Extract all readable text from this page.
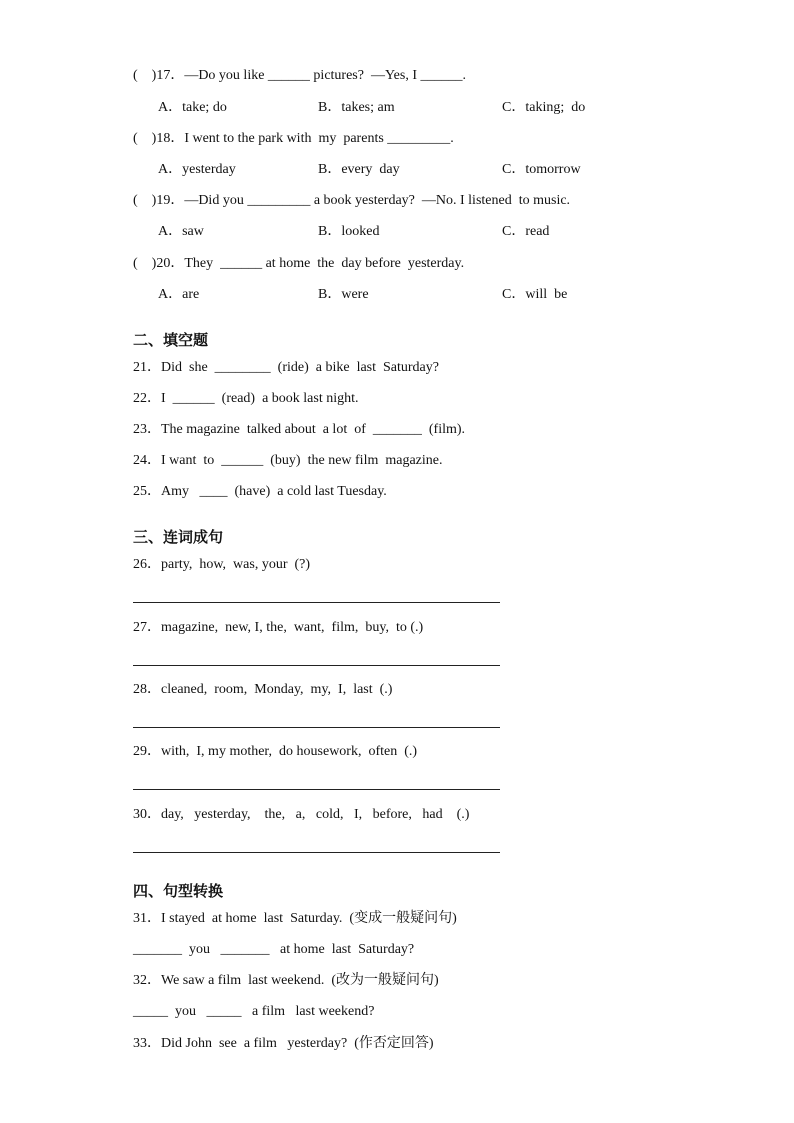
(    )17．—Do you like ______ pictures?  —Yes, I ______.
A．take; do	B．takes; am	C．taking;  do
(    )18．I went to the park with  my  parents _________.
A．yesterday	B．every  day	C．tomorrow
(    )19．—Did you _________ a book yesterday?  —No. I listened  to music.
A．saw	B．looked	C．read
(    )20．They  ______ at home  the  day before  yesterday.
A．are	B．were	C．will  be
二、填空题
21．Did  she  ________  (ride)  a bike  last  Saturday?
22．I  ______  (read)  a book last night.
23．The magazine  talked about  a lot  of  _______  (film).
24．I want  to  ______  (buy)  the new film  magazine.
25．Amy   ____  (have)  a cold last Tuesday.
三、连词成句
26．party,  how,  was, your  (?)
27．magazine,  new, I, the,  want,  film,  buy,  to (.)
28．cleaned,  room,  Monday,  my,  I,  last  (.)
29．with,  I, my mother,  do housework,  often  (.)
30．day,   yesterday,    the,   a,   cold,   I,   before,   had    (.)
四、句型转换
31．I stayed  at home  last  Saturday.  (变成一般疑问句)
_______  you   _______   at home  last  Saturday?
32．We saw a film  last weekend.  (改为一般疑问句)
_____  you   _____   a film   last weekend?
33．Did John  see  a film   yesterday?  (作否定回答)
